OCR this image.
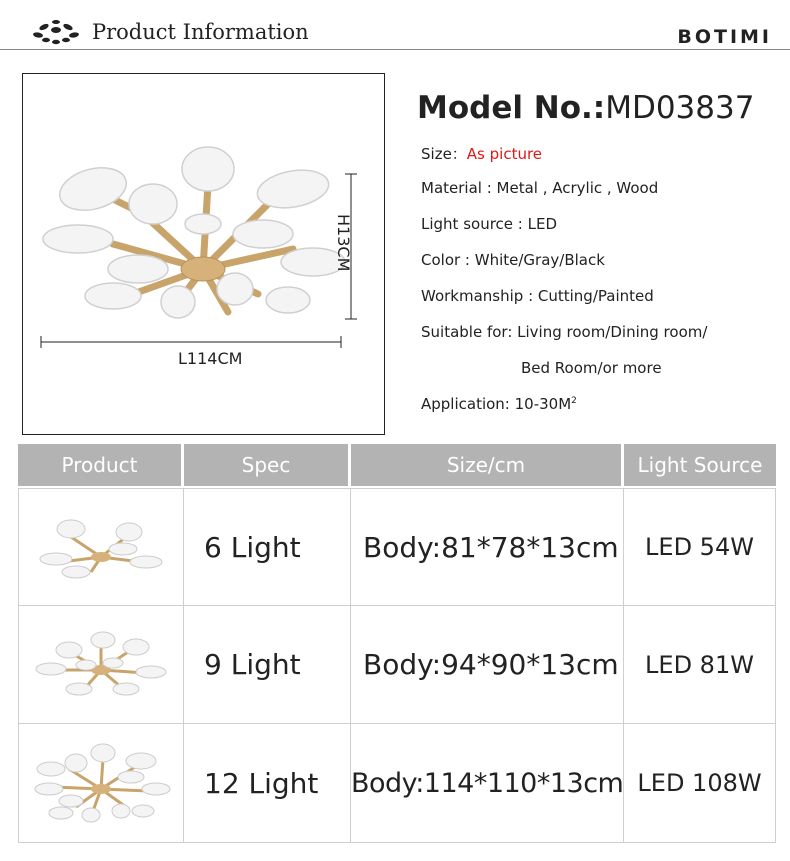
Product Information	BOTIMI
L114CM
H13CM
Model No.:MD03837
Size：As picture
Material : Metal , Acrylic , Wood
Light source : LED
Color : White/Gray/Black
Workmanship : Cutting/Painted
Suitable for: Living room/Dining room/
Bed Room/or more
Application: $10-30M^2$
Product	Spec	Size/cm	Light Source
6 Light Body:81*78*13cm LED 54W
9 Light Body:94*90*13cm LED 81W
12 Light Body:114*110*13cm LED 108W
